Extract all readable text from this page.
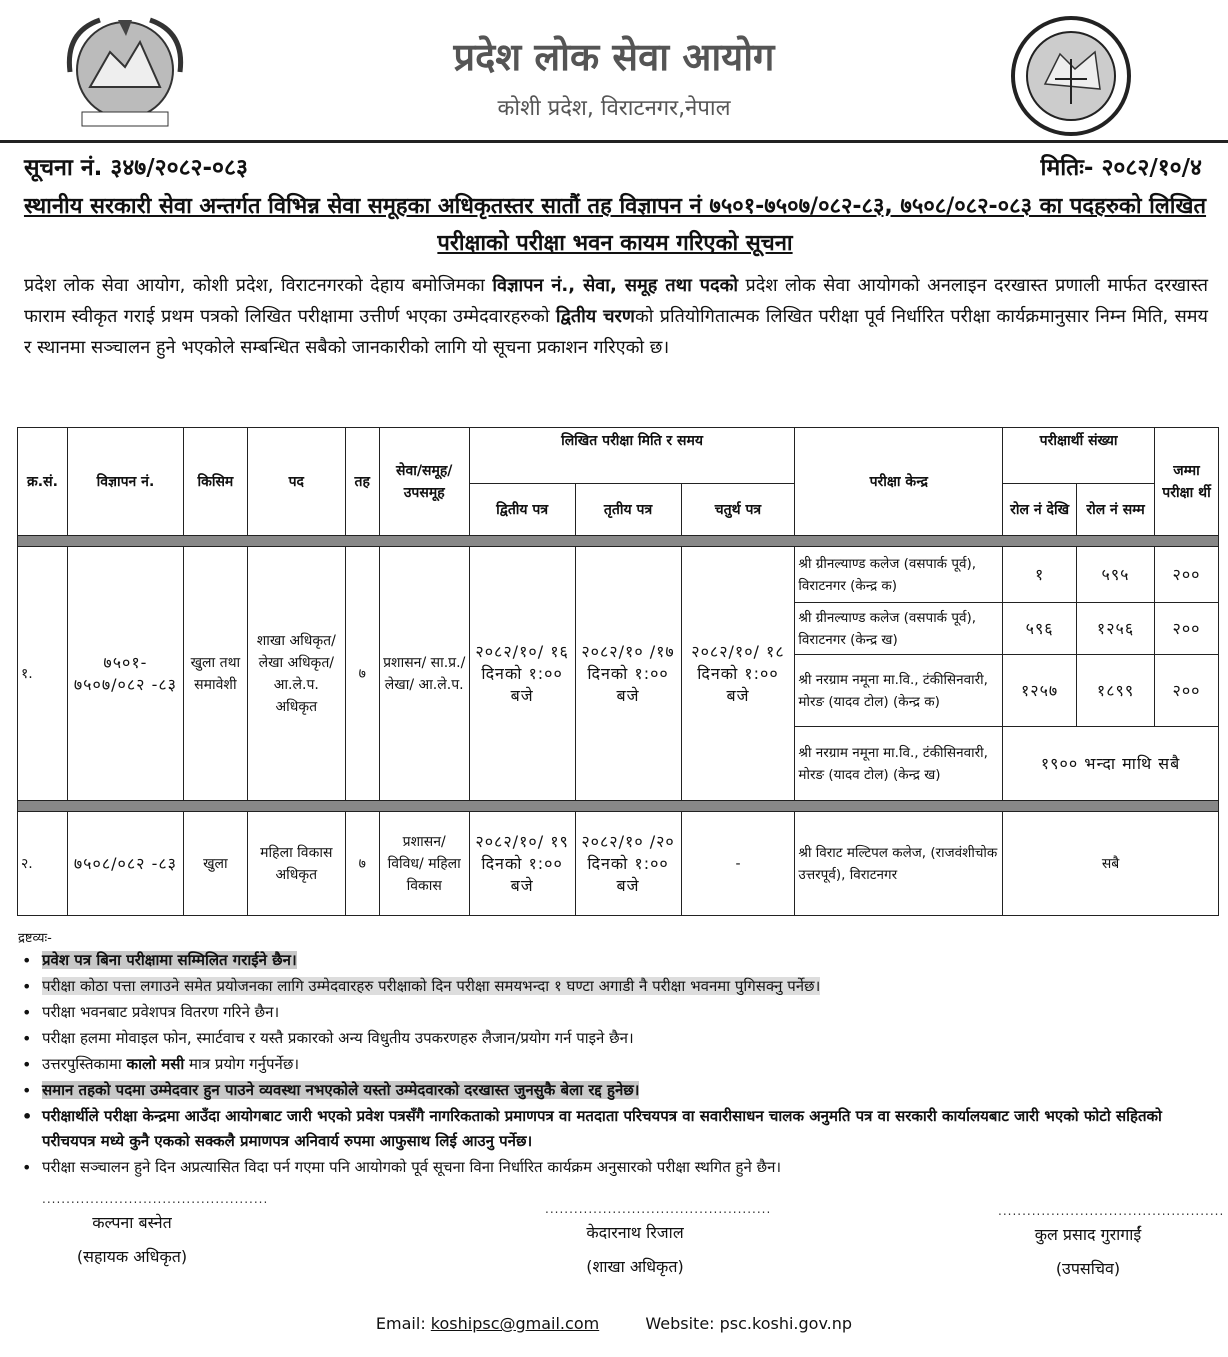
प्रदेश लोक सेवा आयोग
कोशी प्रदेश, विराटनगर,नेपाल
सूचना नं. ३४७/२०८२-०८३	मितिः- २०८२/१०/४
स्थानीय सरकारी सेवा अन्तर्गत विभिन्न सेवा समूहका अधिकृतस्तर सातौं तह विज्ञापन नं ७५०१-७५०७/०८२-८३, ७५०८/०८२-०८३ का पदहरुको लिखित परीक्षाको परीक्षा भवन कायम गरिएको सूचना
प्रदेश लोक सेवा आयोग, कोशी प्रदेश, विराटनगरको देहाय बमोजिमका विज्ञापन नं., सेवा, समूह तथा पदको प्रदेश लोक सेवा आयोगको अनलाइन दरखास्त प्रणाली मार्फत दरखास्त फाराम स्वीकृत गराई प्रथम पत्रको लिखित परीक्षामा उत्तीर्ण भएका उम्मेदवारहरुको द्वितीय चरणको प्रतियोगितात्मक लिखित परीक्षा पूर्व निर्धारित परीक्षा कार्यक्रमानुसार निम्न मिति, समय र स्थानमा सञ्चालन हुने भएकोले सम्बन्धित सबैको जानकारीको लागि यो सूचना प्रकाशन गरिएको छ।
क्र.सं.	विज्ञापन नं.	किसिम	पद	तह	सेवा/समूह/ उपसमूह	लिखित परीक्षा मिति र समय			परीक्षा केन्द्र	परीक्षार्थी संख्या		जम्मा परीक्षा र्थी
						द्वितीय पत्र	तृतीय पत्र	चतुर्थ पत्र		रोल नं देखि	रोल नं सम्म	

१.	७५०१- ७५०७/०८२ -८३	खुला तथा समावेशी	शाखा अधिकृत/लेखा अधिकृत/ आ.ले.प. अधिकृत	७	प्रशासन/ सा.प्र./ लेखा/ आ.ले.प.	२०८२/१०/ १६ दिनको १:०० बजे	२०८२/१० /१७ दिनको १:०० बजे	२०८२/१०/ १८ दिनको १:०० बजे	श्री ग्रीनल्याण्ड कलेज (वसपार्क पूर्व), विराटनगर (केन्द्र क)	१	५९५	२००
									श्री ग्रीनल्याण्ड कलेज (वसपार्क पूर्व), विराटनगर (केन्द्र ख)	५९६	१२५६	२००
									श्री नरग्राम नमूना मा.वि., टंकीसिनवारी, मोरङ (यादव टोल) (केन्द्र क)	१२५७	१८९९	२००
									श्री नरग्राम नमूना मा.वि., टंकीसिनवारी, मोरङ (यादव टोल) (केन्द्र ख)	१९०० भन्दा माथि सबै		

२.	७५०८/०८२ -८३	खुला	महिला विकास अधिकृत	७	प्रशासन/ विविध/ महिला विकास	२०८२/१०/ १९ दिनको १:०० बजे	२०८२/१० /२० दिनको १:०० बजे	-	श्री विराट मल्टिपल कलेज, (राजवंशीचोक उत्तरपूर्व), विराटनगर	सबै		
द्रष्टव्यः-
• प्रवेश पत्र बिना परीक्षामा सम्मिलित गराईने छैन।
• परीक्षा कोठा पत्ता लगाउने समेत प्रयोजनका लागि उम्मेदवारहरु परीक्षाको दिन परीक्षा समयभन्दा १ घण्टा अगाडी नै परीक्षा भवनमा पुगिसक्नु पर्नेछ।
• परीक्षा भवनबाट प्रवेशपत्र वितरण गरिने छैन।
• परीक्षा हलमा मोवाइल फोन, स्मार्टवाच र यस्तै प्रकारको अन्य विधुतीय उपकरणहरु लैजान/प्रयोग गर्न पाइने छैन।
• उत्तरपुस्तिकामा कालो मसी मात्र प्रयोग गर्नुपर्नेछ।
• समान तहको पदमा उम्मेदवार हुन पाउने व्यवस्था नभएकोले यस्तो उम्मेदवारको दरखास्त जुनसुकै बेला रद्द हुनेछ।
• परीक्षार्थीले परीक्षा केन्द्रमा आउँदा आयोगबाट जारी भएको प्रवेश पत्रसँगै नागरिकताको प्रमाणपत्र वा मतदाता परिचयपत्र वा सवारीसाधन चालक अनुमति पत्र वा सरकारी कार्यालयबाट जारी भएको फोटो सहितको परीचयपत्र मध्ये कुनै एकको सक्कलै प्रमाणपत्र अनिवार्य रुपमा आफुसाथ लिई आउनु पर्नेछ।
• परीक्षा सञ्चालन हुने दिन अप्रत्यासित विदा पर्न गएमा पनि आयोगको पूर्व सूचना विना निर्धारित कार्यक्रम अनुसारको परीक्षा स्थगित हुने छैन।
...............................................
कल्पना बस्नेत
(सहायक अधिकृत)
...............................................
केदारनाथ रिजाल
(शाखा अधिकृत)
...............................................
कुल प्रसाद गुरागाईं
(उपसचिव)
Email: koshipsc@gmail.com	Website: psc.koshi.gov.np
